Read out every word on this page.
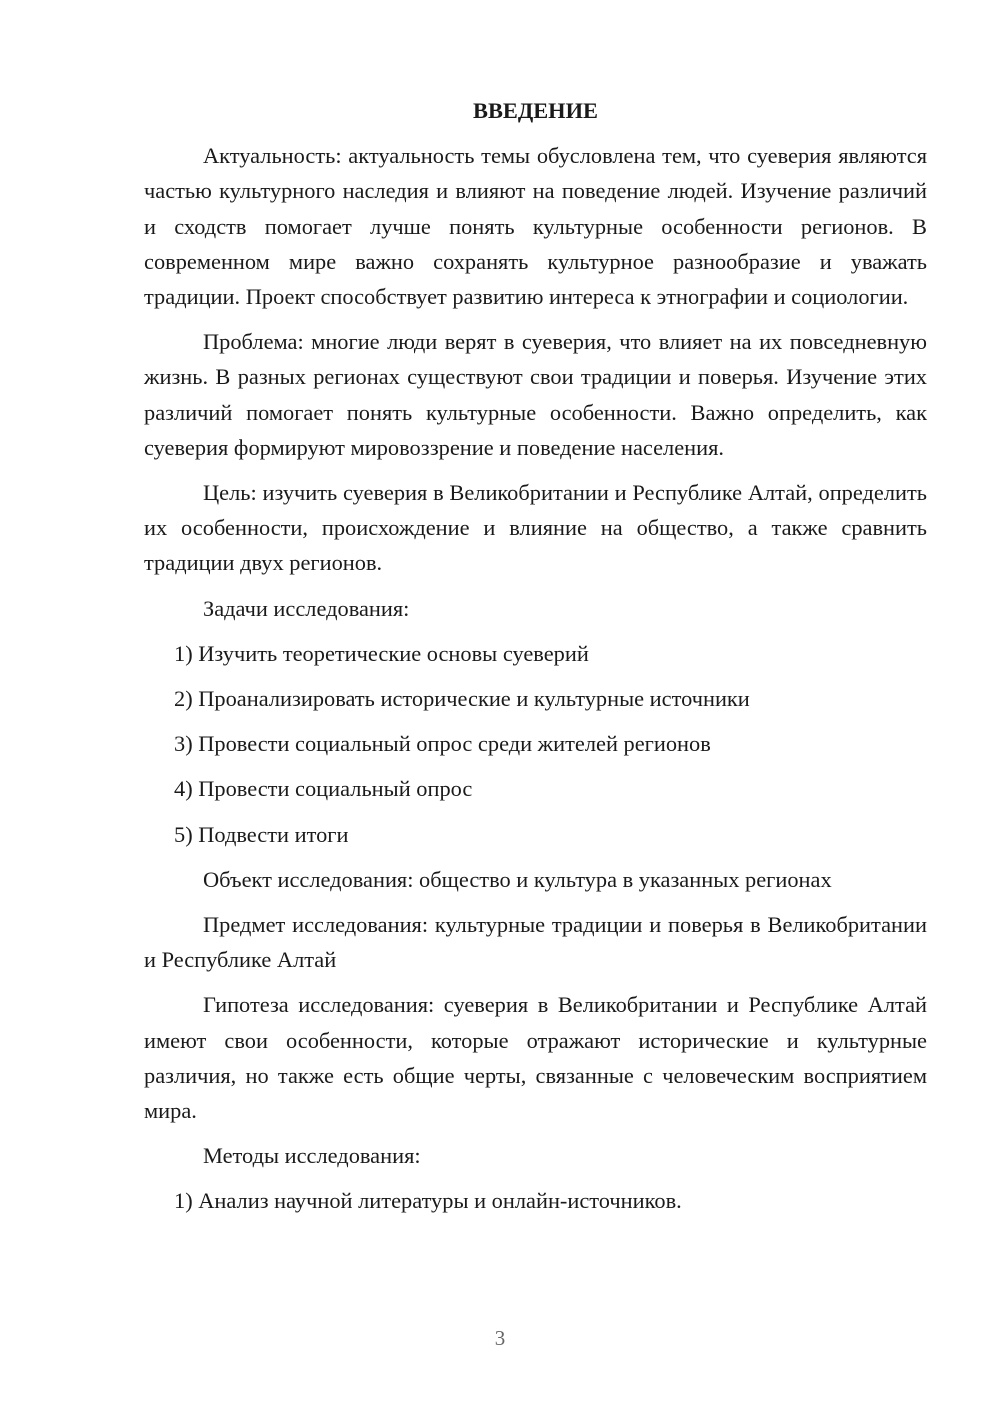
ВВЕДЕНИЕ

Актуальность: актуальность темы обусловлена тем, что суеверия являются частью культурного наследия и влияют на поведение людей. Изучение различий и сходств помогает лучше понять культурные особенности регионов. В современном мире важно сохранять культурное разнообразие и уважать традиции. Проект способствует развитию интереса к этнографии и социологии.

Проблема: многие люди верят в суеверия, что влияет на их повседневную жизнь. В разных регионах существуют свои традиции и поверья. Изучение этих различий помогает понять культурные особенности. Важно определить, как суеверия формируют мировоззрение и поведение населения.

Цель: изучить суеверия в Великобритании и Республике Алтай, определить их особенности, происхождение и влияние на общество, а также сравнить традиции двух регионов.

Задачи исследования:

1) Изучить теоретические основы суеверий
2) Проанализировать исторические и культурные источники
3) Провести социальный опрос среди жителей регионов
4) Провести социальный опрос
5) Подвести итоги

Объект исследования: общество и культура в указанных регионах

Предмет исследования: культурные традиции и поверья в Великобритании и Республике Алтай

Гипотеза исследования: суеверия в Великобритании и Республике Алтай имеют свои особенности, которые отражают исторические и культурные различия, но также есть общие черты, связанные с человеческим восприятием мира.

Методы исследования:

1) Анализ научной литературы и онлайн-источников.
3
